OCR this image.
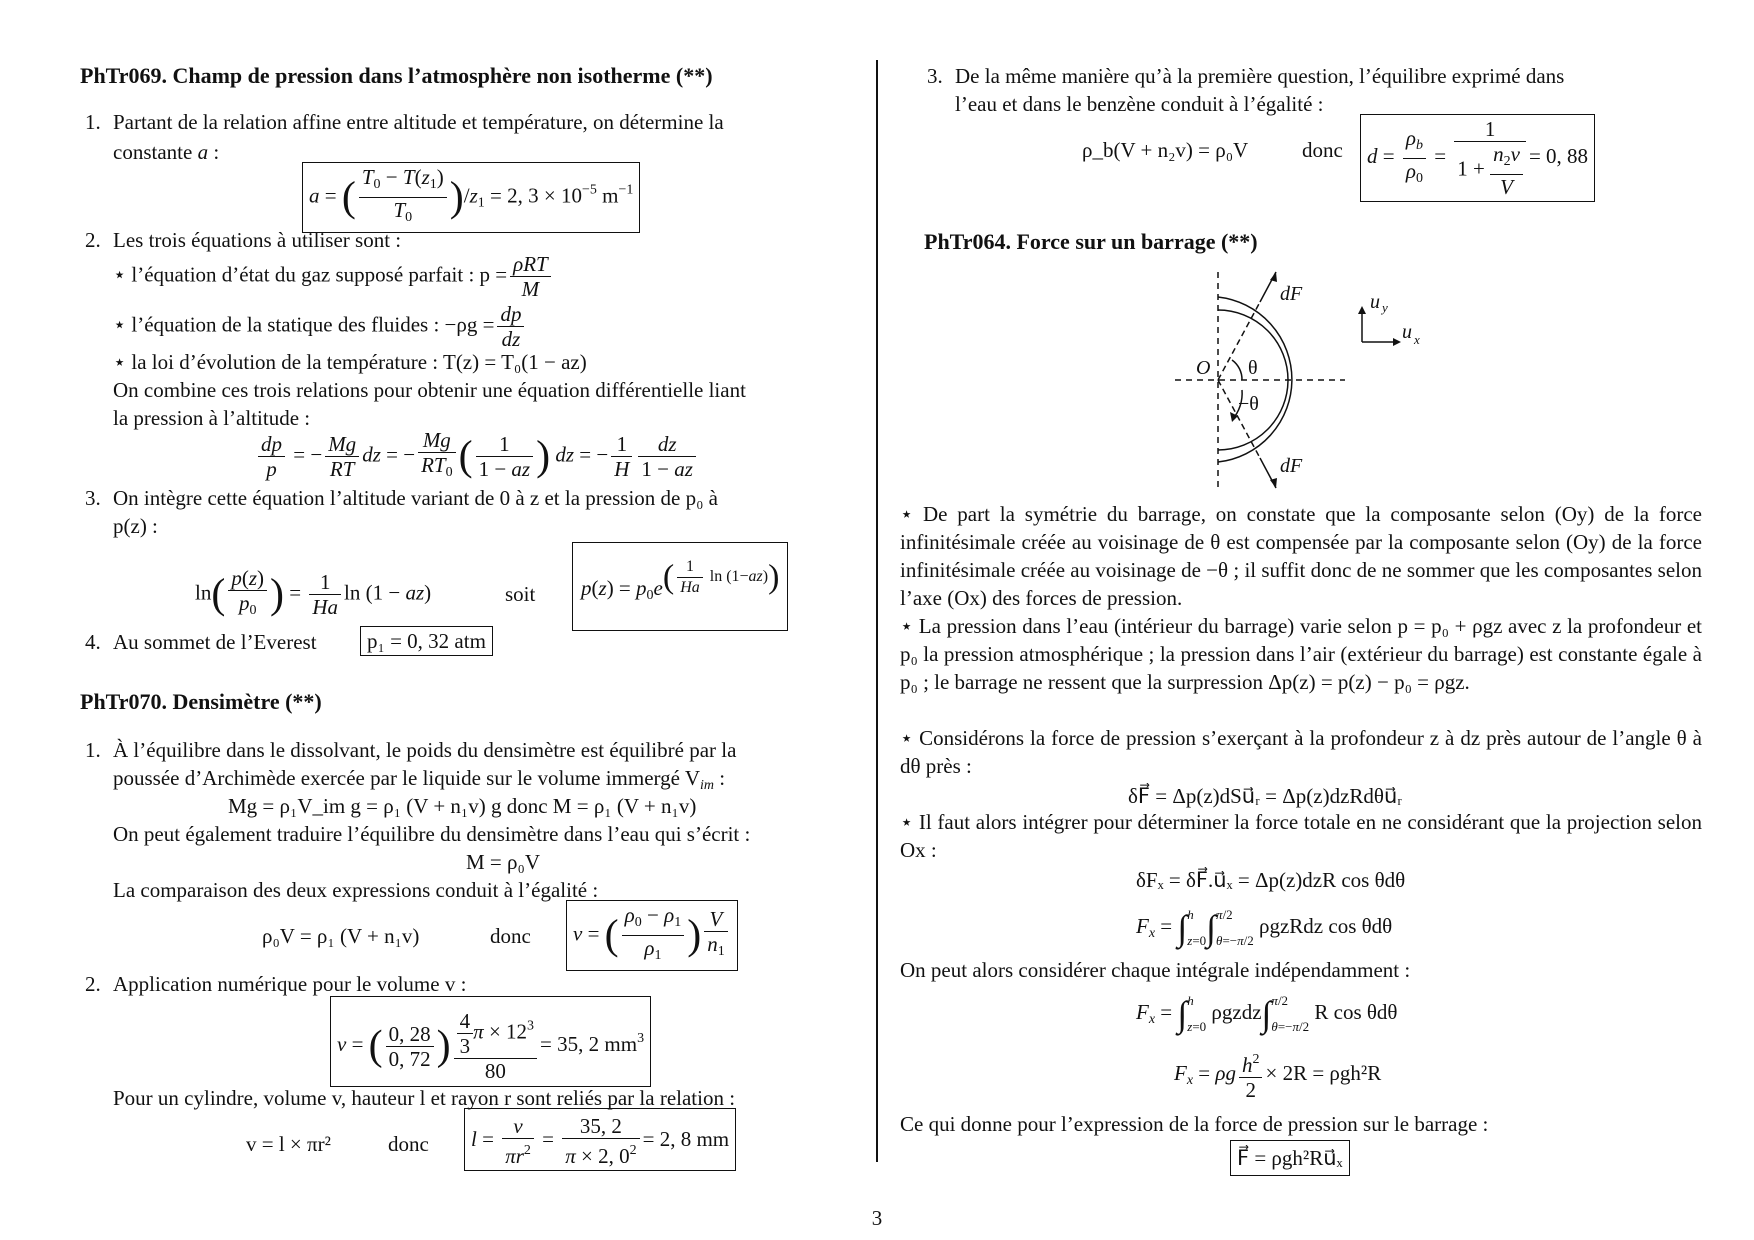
PhTr069. Champ de pression dans l’atmosphère non isotherme (**)
1. Partant de la relation affine entre altitude et température, on détermine la
constante a :
a = ( $\frac{T_0 - T(z_1)}{T_0} )/z_1 = 2$, $3 \times 10^{-5}$ $m^{-1}$
2. Les trois équations à utiliser sont :
⋆ l’équation d’état du gaz supposé parfait : $p = \frac{\text{ρRT}}{M}$
⋆ l’équation de la statique des fluides : $-\rho g = \frac{dp}{dz}$
⋆ la loi d’évolution de la température : T(z) = T₀(1 − az)
On combine ces trois relations pour obtenir une équation différentielle liant
la pression à l’altitude :
$\frac{dp}{p}$ = − $\frac{Mg}{RT}$ dz = − $\frac{Mg}{RT_0}$ ( $\frac{1}{1 - az}$ ) dz = − $\frac{1}{H} \frac{dz}{1 - az}$
3. On intègre cette équation l’altitude variant de 0 à z et la pression de p₀ à
p(z) :
$\ln( \frac{p(z)}{p_0}$ ) = $\frac{1}{Ha}$ ln (1 − az)	soit	$p(z) = p_0e( \frac{1}{Ha}$ ln (1−az))
4. Au sommet de l’Everest	p₁ = 0, 32 atm
PhTr070. Densimètre (**)
1. À l’équilibre dans le dissolvant, le poids du densimètre est équilibré par la
poussée d’Archimède exercée par le liquide sur le volume immergé $V_{im}$ :
Mg = ρ₁V_im g = ρ₁ (V + n₁v) g donc M = ρ₁ (V + n₁v)
On peut également traduire l’équilibre du densimètre dans l’eau qui s’écrit :
M = ρ₀V
La comparaison des deux expressions conduit à l’égalité :
ρ₀V = ρ₁ (V + n₁v)	donc	v = ( $\frac{\rho_0 - \rho_1}{\rho_1}$ ) $\frac{V}{n_1}$
2. Application numérique pour le volume v :
v = ( $\frac{0, 28}{0, 72}$ ) $\frac{\frac{4}{3} \pi \times 12^3}{80} = 35$, 2 $mm^3$
Pour un cylindre, volume v, hauteur l et rayon r sont reliés par la relation :
v = l × πr²	donc	$l = \frac{v}{\pi r^2} = \frac{35, 2}{\pi \times 2, 0^2} = 2$, 8 mm
3. De la même manière qu’à la première question, l’équilibre exprimé dans
l’eau et dans le benzène conduit à l’égalité :
ρ_b(V + n₂v) = ρ₀V	donc	$d = \frac{\rho_b}{\rho_0} = \frac{1}{1 + \frac{n_2v}{V}} = 0$, 88
PhTr064. Force sur un barrage (**)
O θ
−θ
dF
dF
u
u
y
x
⋆ De part la symétrie du barrage, on constate que la composante selon (Oy) de la force infinitésimale créée au voisinage de θ est compensée par la composante selon (Oy) de la force infinitésimale créée au voisinage de −θ ; il suffit donc de ne sommer que les composantes selon l’axe (Ox) des forces de pression.
⋆ La pression dans l’eau (intérieur du barrage) varie selon p = p₀ + ρgz avec z la profondeur et p₀ la pression atmosphérique ; la pression dans l’air (extérieur du barrage) est constante égale à p₀ ; le barrage ne ressent que la surpression Δp(z) = p(z) − p₀ = ρgz.
⋆ Considérons la force de pression s’exerçant à la profondeur z à dz près autour de l’angle θ à dθ près :
δF⃗ = Δp(z)dSu⃗ᵣ = Δp(z)dzRdθu⃗ᵣ
⋆ Il faut alors intégrer pour déterminer la force totale en ne considérant que la projection selon Ox :
δFₓ = δF⃗.u⃗ₓ = Δp(z)dzR cos θdθ
$F_x = \int h$
z=0∫π/2
θ=−π/2 ρgzRdz cos θdθ
On peut alors considérer chaque intégrale indépendamment :
$F_x = \int h$
z=0 ρgzdz∫π/2
θ=−π/2 R cos θdθ
$F_x = \rho g \frac{h^2}{2} \times 2R = \rho gh^2R$
Ce qui donne pour l’expression de la force de pression sur le barrage :
F⃗ = ρgh²Ru⃗ₓ
3
